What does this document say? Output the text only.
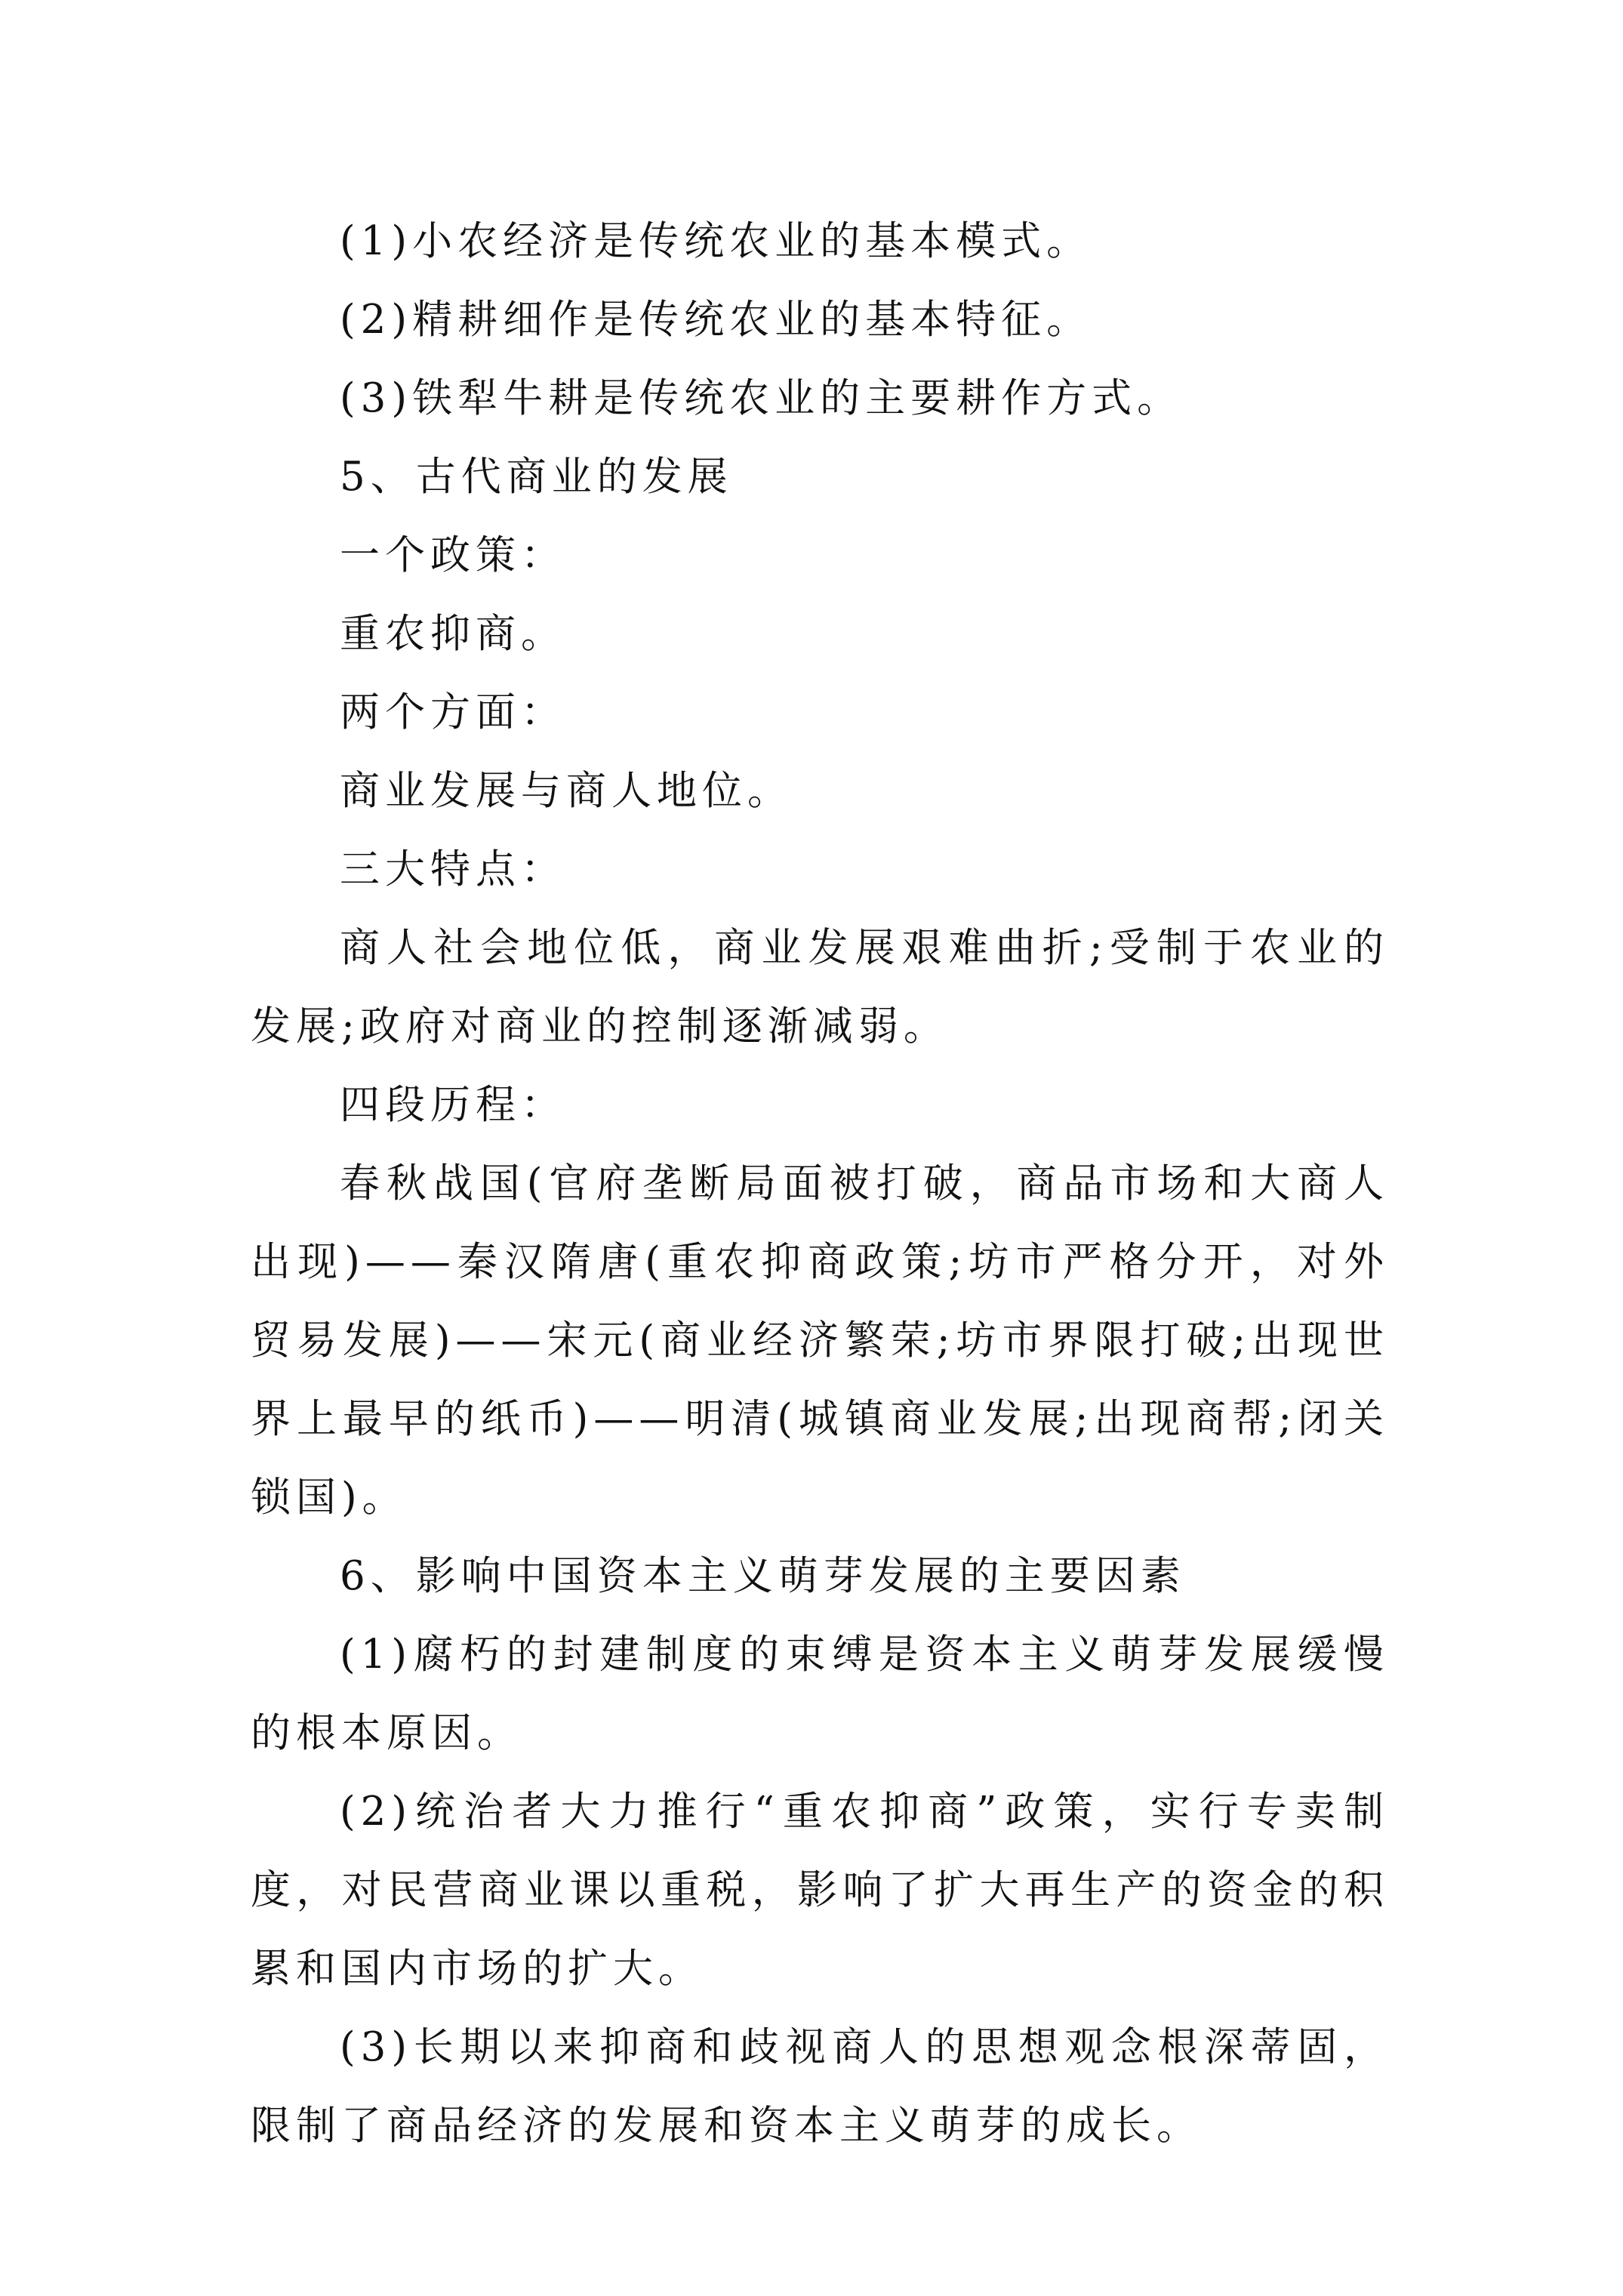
(1)小农经济是传统农业的基本模式。

(2)精耕细作是传统农业的基本特征。

(3)铁犁牛耕是传统农业的主要耕作方式。

5、古代商业的发展

一个政策：

重农抑商。

两个方面：

商业发展与商人地位。

三大特点：

商人社会地位低，商业发展艰难曲折;受制于农业的发展;政府对商业的控制逐渐减弱。

四段历程：

春秋战国(官府垄断局面被打破，商品市场和大商人出现)——秦汉隋唐(重农抑商政策;坊市严格分开，对外贸易发展)——宋元(商业经济繁荣;坊市界限打破;出现世界上最早的纸币)——明清(城镇商业发展;出现商帮;闭关锁国)。

6、影响中国资本主义萌芽发展的主要因素

(1)腐朽的封建制度的束缚是资本主义萌芽发展缓慢的根本原因。

(2)统治者大力推行“重农抑商”政策，实行专卖制度，对民营商业课以重税，影响了扩大再生产的资金的积累和国内市场的扩大。

(3)长期以来抑商和歧视商人的思想观念根深蒂固，限制了商品经济的发展和资本主义萌芽的成长。
